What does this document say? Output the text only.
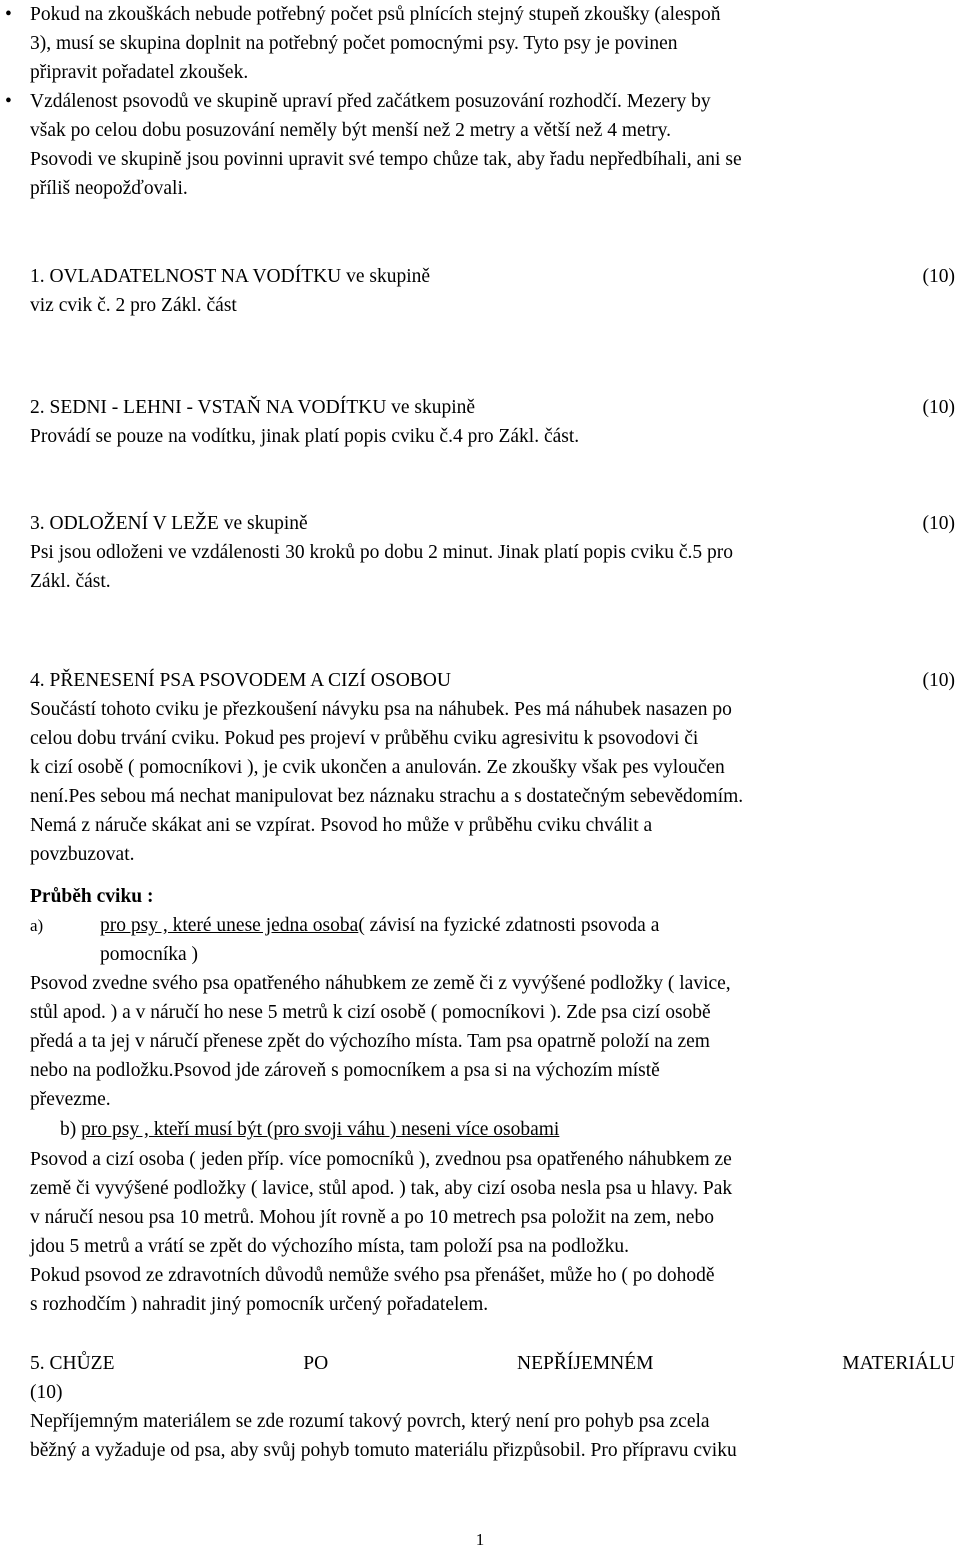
• Pokud na zkouškách nebude potřebný počet psů plnících stejný stupeň zkoušky (alespoň
3), musí se skupina doplnit na potřebný počet pomocnými psy. Tyto psy je povinen
připravit pořadatel zkoušek.
• Vzdálenost psovodů ve skupině upraví před začátkem posuzování rozhodčí. Mezery by
však po celou dobu posuzování neměly být menší než 2 metry a větší než 4 metry.
Psovodi ve skupině jsou povinni upravit své tempo chůze tak, aby řadu nepředbíhali, ani se
příliš neopožďovali.
1. OVLADATELNOST NA VODÍTKU ve skupině	(10)
viz cvik č. 2 pro Zákl. část
2. SEDNI - LEHNI - VSTAŇ NA VODÍTKU ve skupině	(10)
Provádí se pouze na vodítku, jinak platí popis cviku č.4 pro Zákl. část.
3. ODLOŽENÍ V LEŽE ve skupině	(10)
Psi jsou odloženi ve vzdálenosti 30 kroků po dobu 2 minut. Jinak platí popis cviku č.5 pro
Zákl. část.
4. PŘENESENÍ PSA PSOVODEM A CIZÍ OSOBOU	(10)
Součástí tohoto cviku je přezkoušení návyku psa na náhubek. Pes má náhubek nasazen po
celou dobu trvání cviku. Pokud pes projeví v průběhu cviku agresivitu k psovodovi či
k cizí osobě ( pomocníkovi ), je cvik ukončen a anulován. Ze zkoušky však pes vyloučen
není.Pes sebou má nechat manipulovat bez náznaku strachu a s dostatečným sebevědomím.
Nemá z náruče skákat ani se vzpírat. Psovod ho může v průběhu cviku chválit a
povzbuzovat.
Průběh cviku :
a)	pro psy , které unese jedna osoba( závisí na fyzické zdatnosti psovoda a
pomocníka )
Psovod zvedne svého psa opatřeného náhubkem ze země či z vyvýšené podložky ( lavice,
stůl apod. ) a v náručí ho nese 5 metrů k cizí osobě ( pomocníkovi ). Zde psa cizí osobě
předá a ta jej v náručí přenese zpět do výchozího místa. Tam psa opatrně položí na zem
nebo na podložku.Psovod jde zároveň s pomocníkem a psa si na výchozím místě
převezme.
b) pro psy , kteří musí být (pro svoji váhu ) neseni více osobami
Psovod a cizí osoba ( jeden příp. více pomocníků ), zvednou psa opatřeného náhubkem ze
země či vyvýšené podložky ( lavice, stůl apod. ) tak, aby cizí osoba nesla psa u hlavy. Pak
v náručí nesou psa 10 metrů. Mohou jít rovně a po 10 metrech psa položit na zem, nebo
jdou 5 metrů a vrátí se zpět do výchozího místa, tam položí psa na podložku.
Pokud psovod ze zdravotních důvodů nemůže svého psa přenášet, může ho ( po dohodě
s rozhodčím ) nahradit jiný pomocník určený pořadatelem.
5. CHŮZE	PO	NEPŘÍJEMNÉM	MATERIÁLU
(10)
Nepříjemným materiálem se zde rozumí takový povrch, který není pro pohyb psa zcela
běžný a vyžaduje od psa, aby svůj pohyb tomuto materiálu přizpůsobil. Pro přípravu cviku
1
